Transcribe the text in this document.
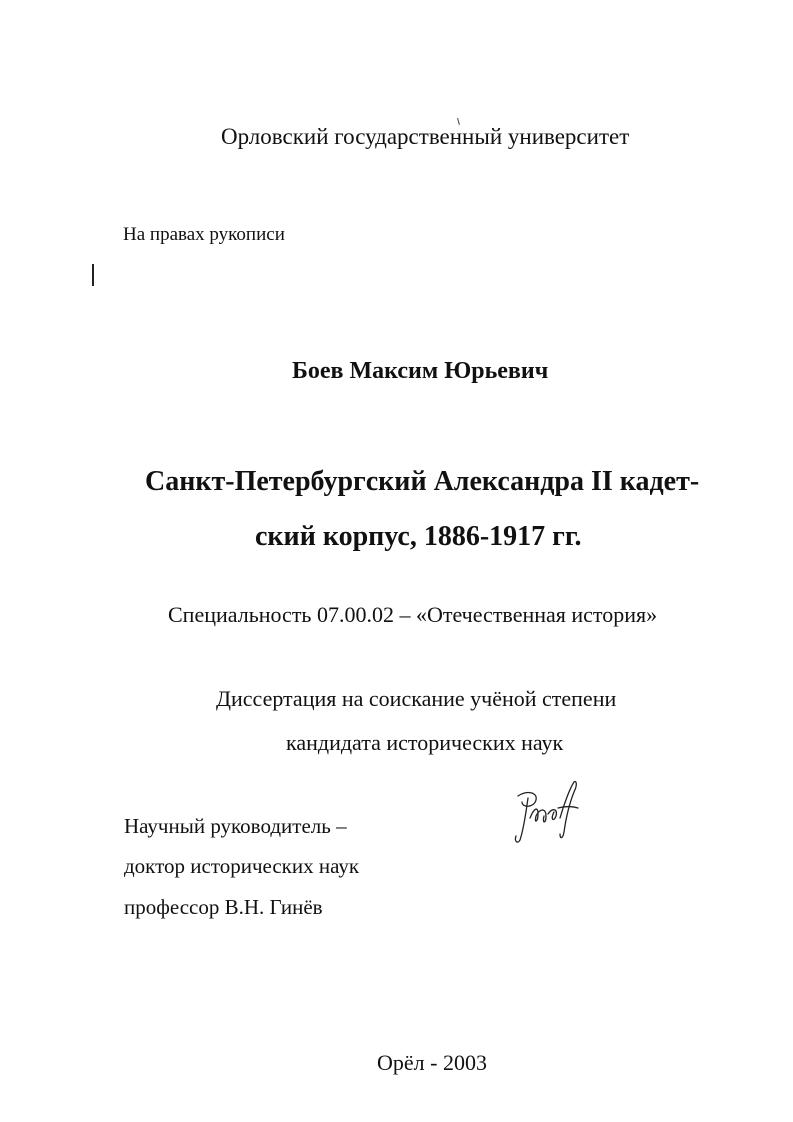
Орловский государственный университет
На правах рукописи
Боев Максим Юрьевич
Санкт-Петербургский Александра II кадет-
ский корпус, 1886-1917 гг.
Специальность 07.00.02 – «Отечественная история»
Диссертация на соискание учёной степени
кандидата исторических наук
Научный руководитель –
доктор исторических наук
профессор В.Н. Гинёв
Орёл - 2003
